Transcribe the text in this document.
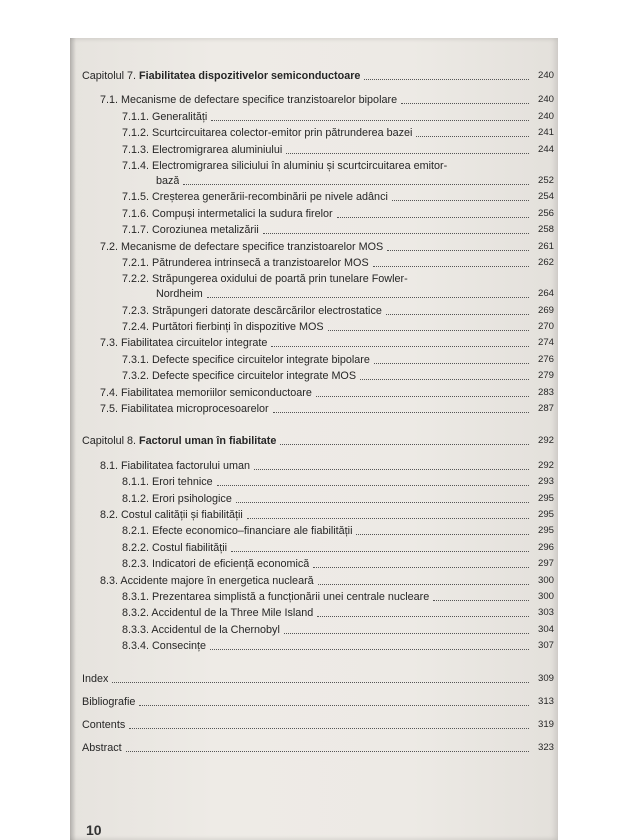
Capitolul 7. Fiabilitatea dispozitivelor semiconductoare	240
7.1. Mecanisme de defectare specifice tranzistoarelor bipolare	240
7.1.1. Generalități	240
7.1.2. Scurtcircuitarea colector-emitor prin pătrunderea bazei	241
7.1.3. Electromigrarea aluminiului	244
7.1.4. Electromigrarea siliciului în aluminiu și scurtcircuitarea emitor-
bază	252
7.1.5. Creșterea generării-recombinării pe nivele adânci	254
7.1.6. Compuși intermetalici la sudura firelor	256
7.1.7. Coroziunea metalizării	258
7.2. Mecanisme de defectare specifice tranzistoarelor MOS	261
7.2.1. Pătrunderea intrinsecă a tranzistoarelor MOS	262
7.2.2. Străpungerea oxidului de poartă prin tunelare Fowler-
Nordheim	264
7.2.3. Străpungeri datorate descărcărilor electrostatice	269
7.2.4. Purtători fierbinți în dispozitive MOS	270
7.3. Fiabilitatea circuitelor integrate	274
7.3.1. Defecte specifice circuitelor integrate bipolare	276
7.3.2. Defecte specifice circuitelor integrate MOS	279
7.4. Fiabilitatea memoriilor semiconductoare	283
7.5. Fiabilitatea microprocesoarelor	287
Capitolul 8. Factorul uman în fiabilitate	292
8.1. Fiabilitatea factorului uman	292
8.1.1. Erori tehnice	293
8.1.2. Erori psihologice	295
8.2. Costul calității și fiabilității	295
8.2.1. Efecte economico–financiare ale fiabilității	295
8.2.2. Costul fiabilității	296
8.2.3. Indicatori de eficiență economică	297
8.3. Accidente majore în energetica nucleară	300
8.3.1. Prezentarea simplistă a funcționării unei centrale nucleare	300
8.3.2. Accidentul de la Three Mile Island	303
8.3.3. Accidentul de la Chernobyl	304
8.3.4. Consecințe	307
Index	309
Bibliografie	313
Contents	319
Abstract	323
10
